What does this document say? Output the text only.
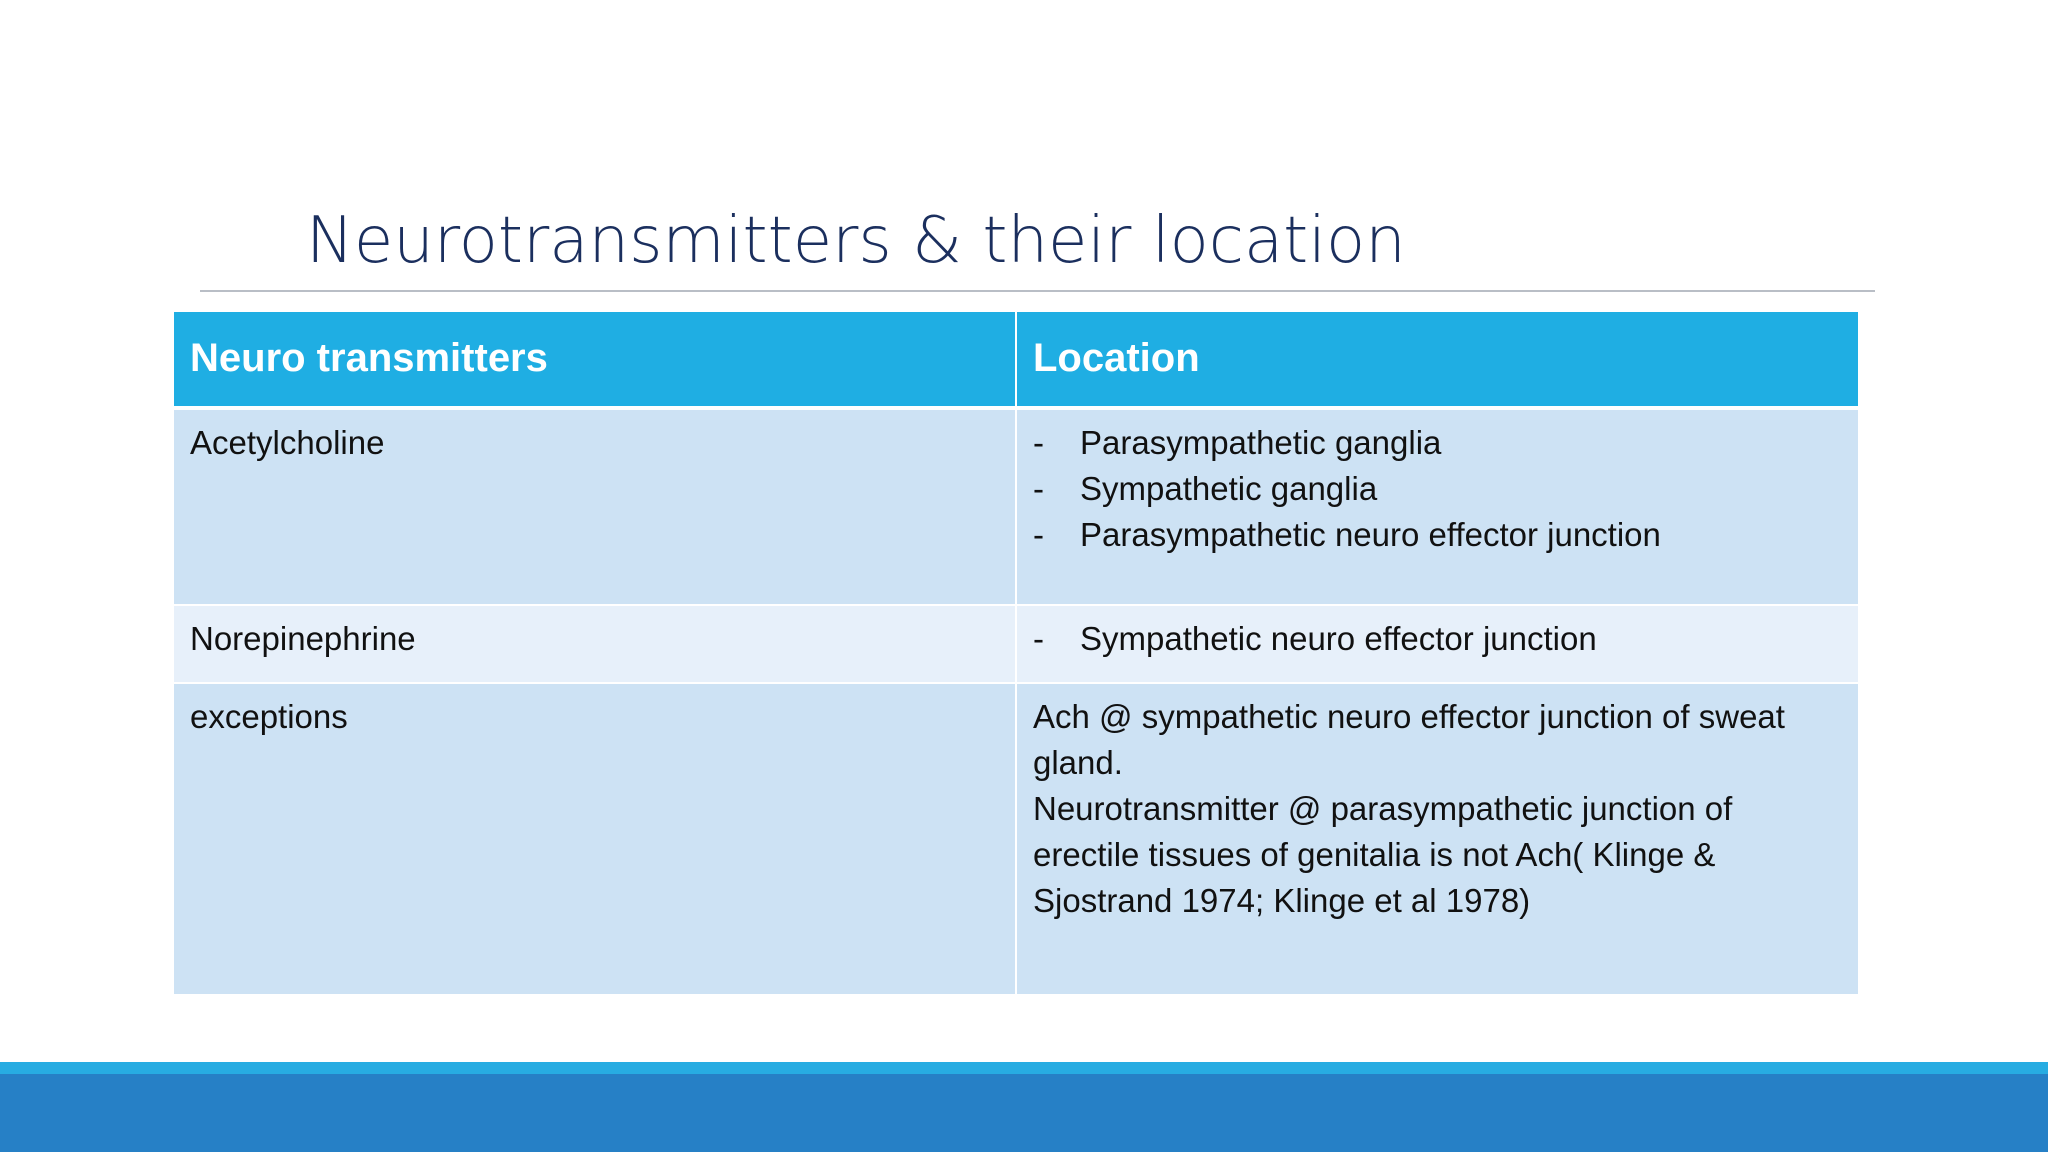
Neurotransmitters & their location
Neuro transmitters	Location
Acetylcholine	- Parasympathetic ganglia
- Sympathetic ganglia
- Parasympathetic neuro effector junction
Norepinephrine	- Sympathetic neuro effector junction
exceptions	Ach @ sympathetic neuro effector junction of sweat gland.
Neurotransmitter @ parasympathetic junction of erectile tissues of genitalia is not Ach( Klinge & Sjostrand 1974; Klinge et al 1978)
